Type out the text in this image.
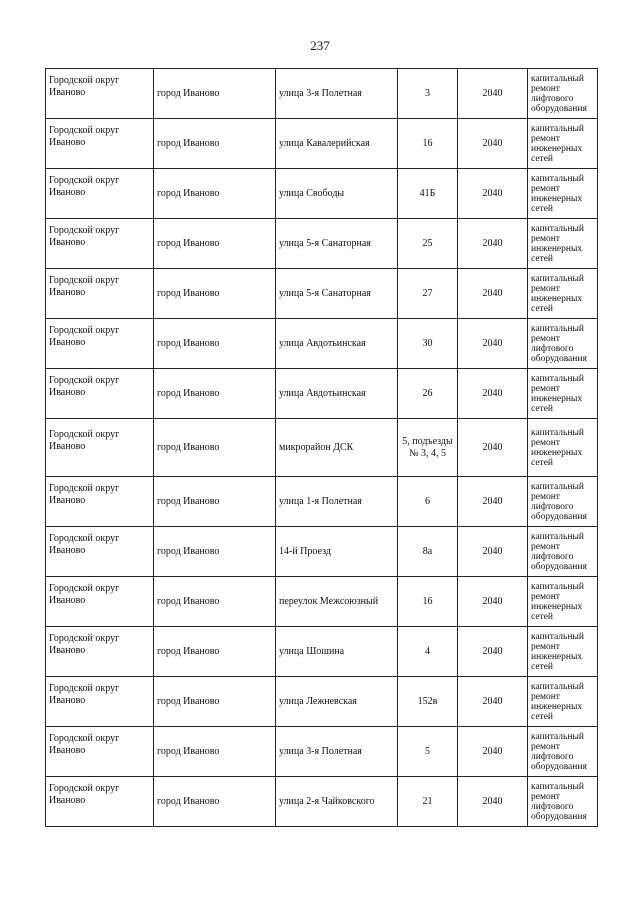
237
Городской округ Иваново	город Иваново	улица 3-я Полетная	3	2040	капитальный ремонт лифтового оборудования

Городской округ Иваново	город Иваново	улица Кавалерийская	16	2040	капитальный ремонт инженерных сетей

Городской округ Иваново	город Иваново	улица Свободы	41Б	2040	капитальный ремонт инженерных сетей

Городской округ Иваново	город Иваново	улица 5-я Санаторная	25	2040	капитальный ремонт инженерных сетей

Городской округ Иваново	город Иваново	улица 5-я Санаторная	27	2040	капитальный ремонт инженерных сетей

Городской округ Иваново	город Иваново	улица Авдотьинская	30	2040	капитальный ремонт лифтового оборудования

Городской округ Иваново	город Иваново	улица Авдотьинская	26	2040	капитальный ремонт инженерных сетей

Городской округ Иваново	город Иваново	микрорайон ДСК	5, подъезды № 3, 4, 5	2040	капитальный ремонт инженерных сетей

Городской округ Иваново	город Иваново	улица 1-я Полетная	6	2040	капитальный ремонт лифтового оборудования

Городской округ Иваново	город Иваново	14-й Проезд	8а	2040	капитальный ремонт лифтового оборудования

Городской округ Иваново	город Иваново	переулок Межсоюзный	16	2040	капитальный ремонт инженерных сетей

Городской округ Иваново	город Иваново	улица Шошина	4	2040	капитальный ремонт инженерных сетей

Городской округ Иваново	город Иваново	улица Лежневская	152в	2040	капитальный ремонт инженерных сетей

Городской округ Иваново	город Иваново	улица 3-я Полетная	5	2040	капитальный ремонт лифтового оборудования

Городской округ Иваново	город Иваново	улица 2-я Чайковского	21	2040	капитальный ремонт лифтового оборудования
